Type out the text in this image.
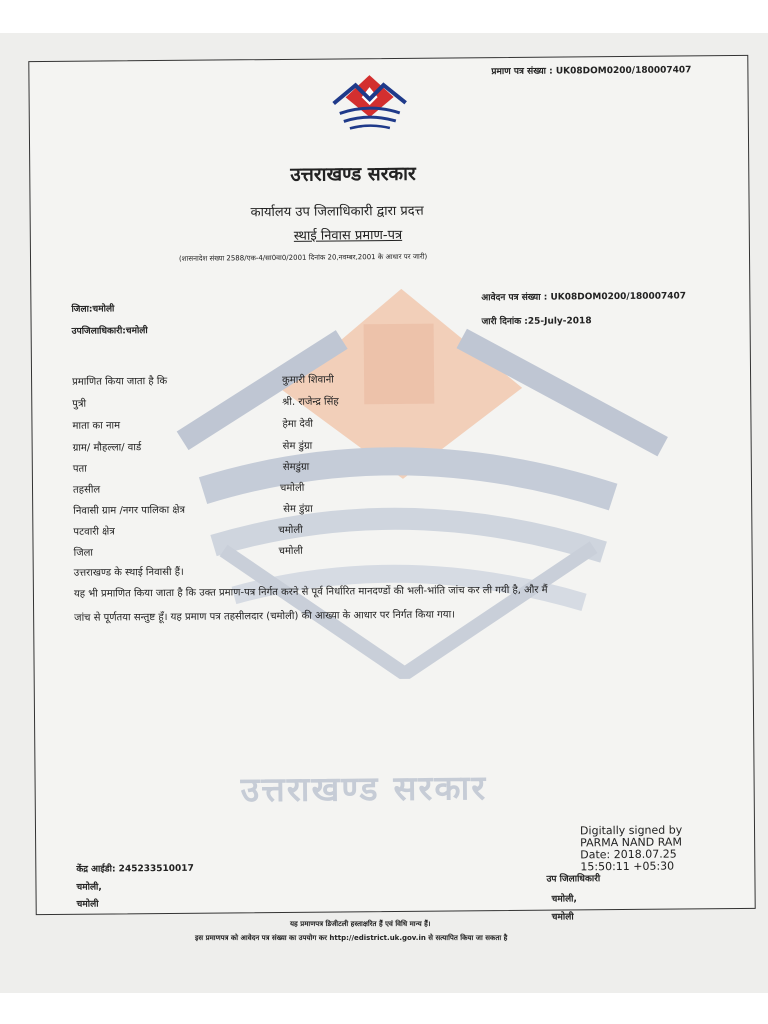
उत्तराखण्ड सरकार
प्रमाण पत्र संख्या : UK08DOM0200/180007407
उत्तराखण्ड सरकार
कार्यालय उप जिलाधिकारी द्वारा प्रदत्त
स्थाई निवास प्रमाण-पत्र
(शासनादेश संख्या 2588/एक-4/सा0वा0/2001 दिनांक 20,नवम्बर,2001 के आधार पर जारी)
जिला:चमोली
उपजिलाधिकारी:चमोली
आवेदन पत्र संख्या : UK08DOM0200/180007407
जारी दिनांक :25-July-2018
प्रमाणित किया जाता है कि	कुमारी शिवानी
पुत्री	श्री. राजेन्द्र सिंह
माता का नाम	हेमा देवी
ग्राम/ मौहल्ला/ वार्ड	सेम डुंग्रा
पता	सेमडुंग्रा
तहसील	चमोली
निवासी ग्राम /नगर पालिका क्षेत्र	सेम डुंग्रा
पटवारी क्षेत्र	चमोली
जिला	चमोली
उत्तराखण्ड के स्थाई निवासी हैं।
यह भी प्रमाणित किया जाता है कि उक्त प्रमाण-पत्र निर्गत करने से पूर्व निर्धारित मानदण्डों की भली-भांति जांच कर ली गयी है, और मैं
जांच से पूर्णतया सन्तुष्ट हूँ। यह प्रमाण पत्र तहसीलदार (चमोली) की आख्या के आधार पर निर्गत किया गया।
Digitally signed by
PARMA NAND RAM
Date: 2018.07.25
15:50:11 +05:30
उप जिलाधिकारी
चमोली,
चमोली
केंद्र आईडी: 245233510017
चमोली,
चमोली
यह प्रमाणपत्र डिजीटली हस्ताक्षरित हैं एवं विधि मान्य हैं।
इस प्रमाणपत्र को आवेदन पत्र संख्या का उपयोग कर http://edistrict.uk.gov.in से सत्यापित किया जा सकता है
